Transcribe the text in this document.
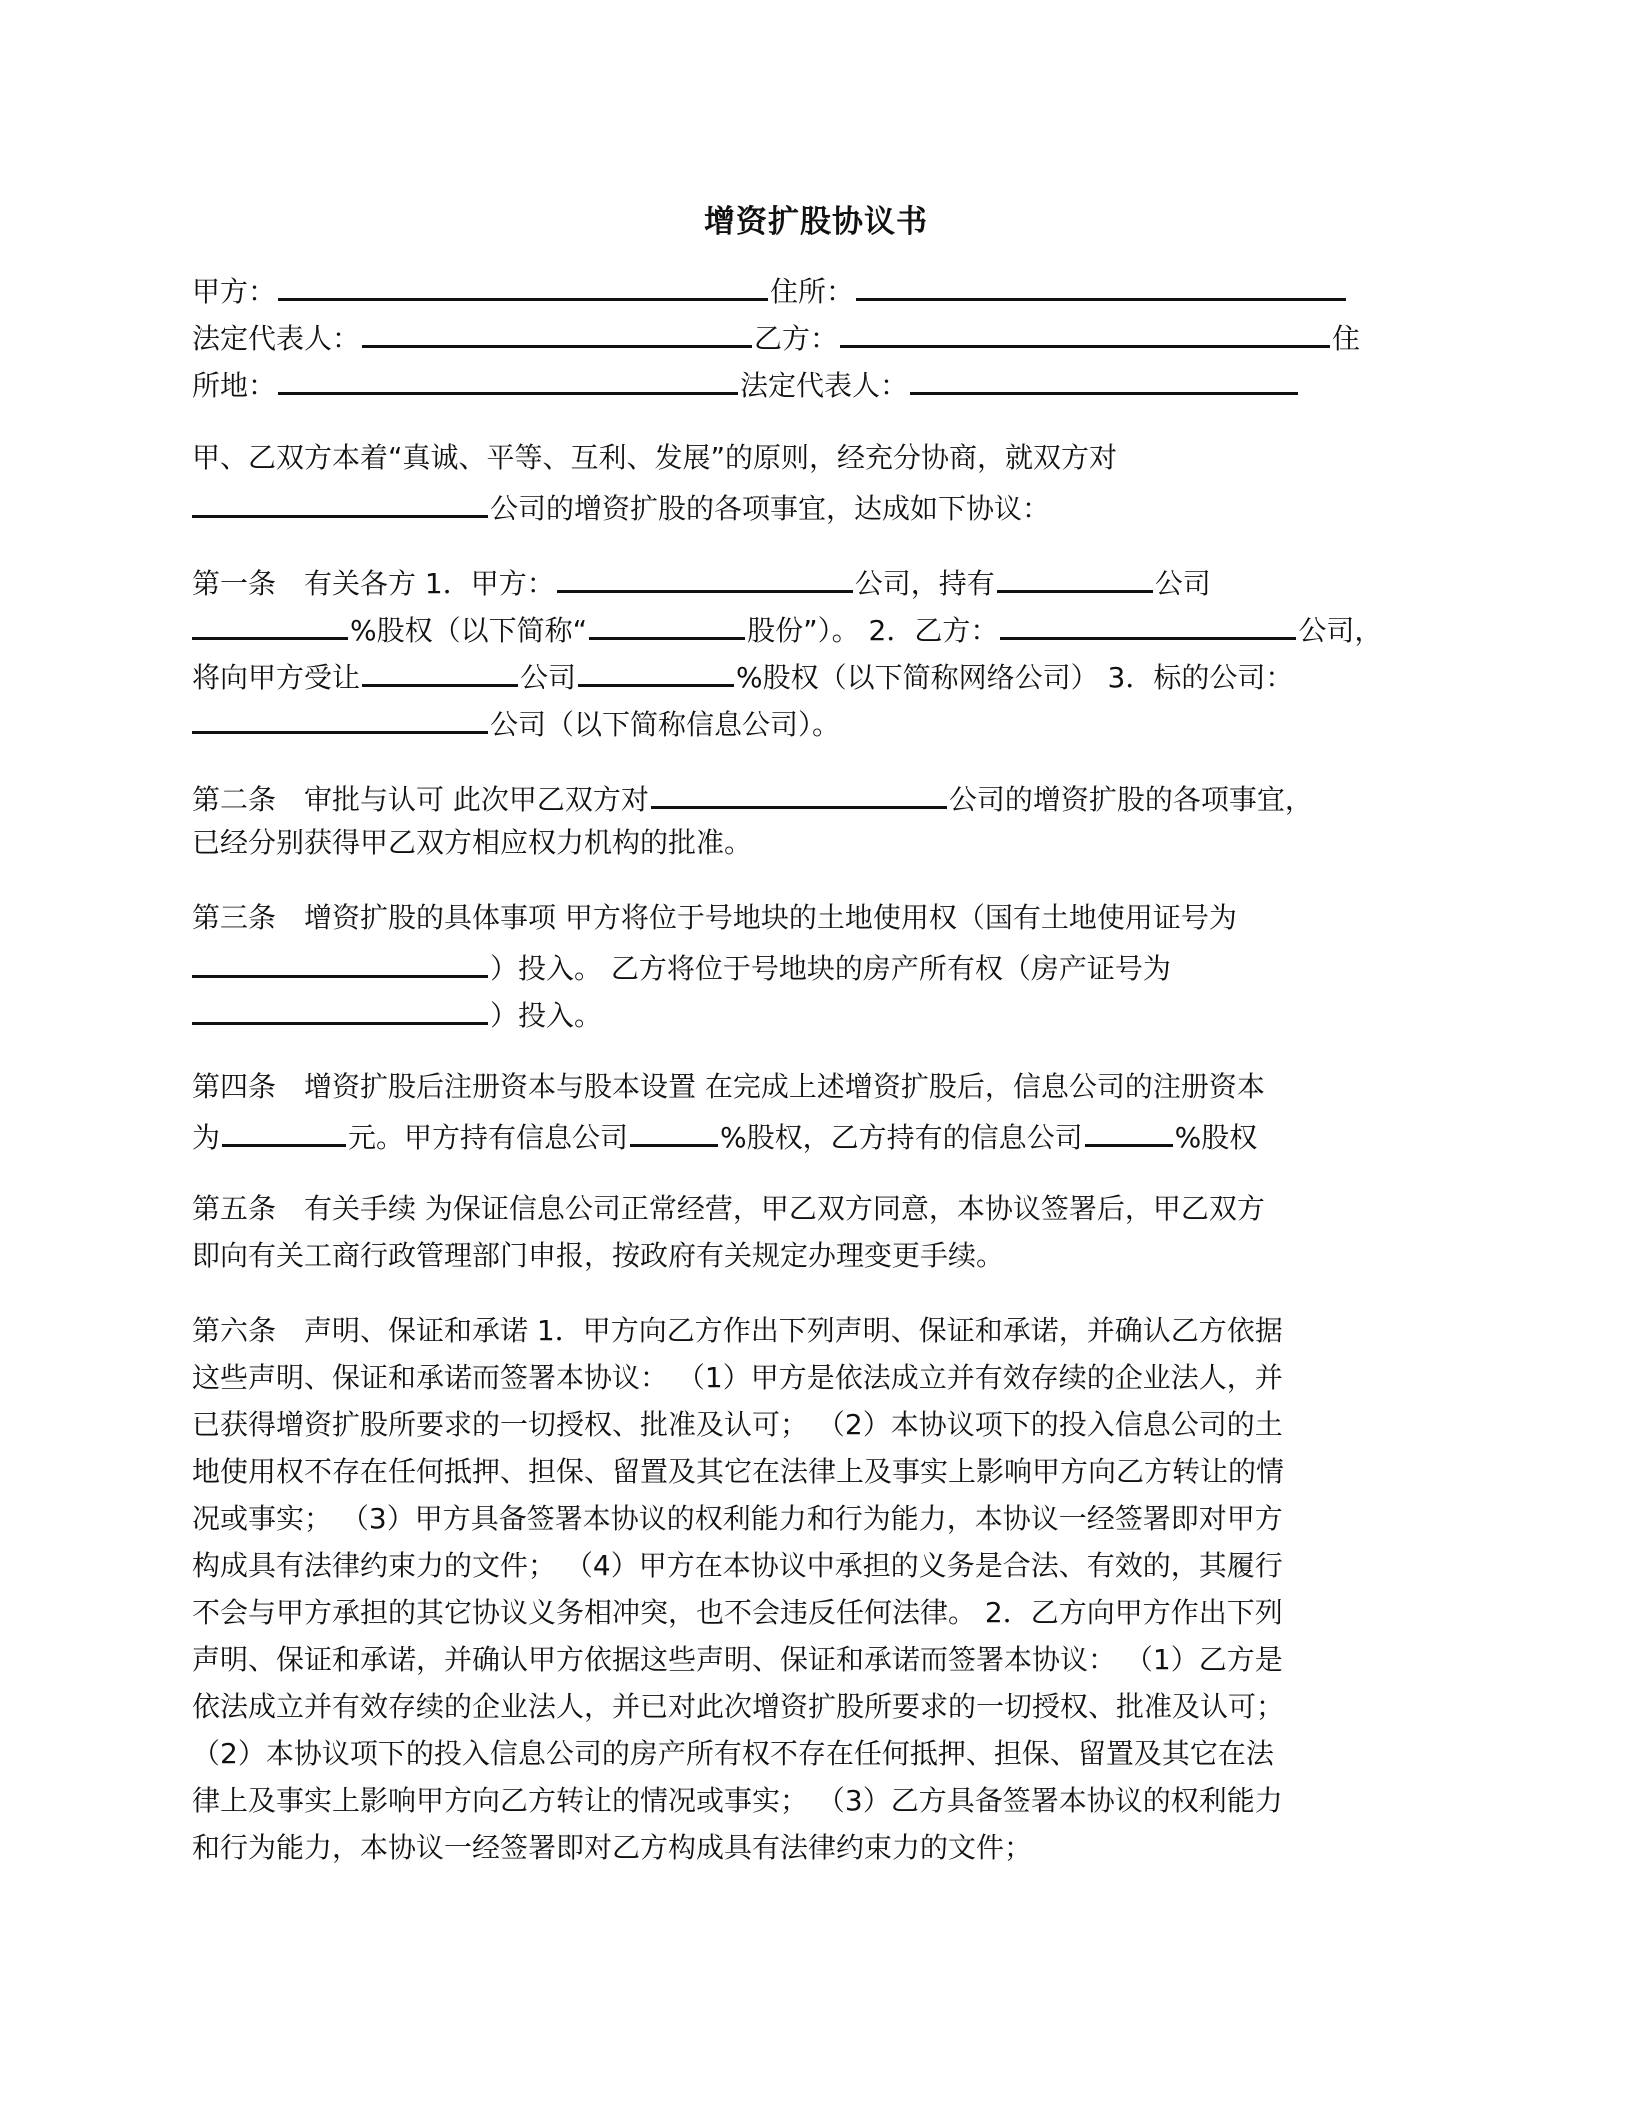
增资扩股协议书
甲方：	住所：
法定代表人：	乙方：	住
所地：	法定代表人：
甲、乙双方本着“真诚、平等、互利、发展”的原则，经充分协商，就双方对
公司的增资扩股的各项事宜，达成如下协议：
第一条 有关各方 1．甲方：	公司，持有	公司
%股权（以下简称“	股份”）。 2．乙方：	公司，
将向甲方受让	公司	%股权（以下简称网络公司） 3．标的公司：
公司（以下简称信息公司）。
第二条 审批与认可 此次甲乙双方对	公司的增资扩股的各项事宜，
已经分别获得甲乙双方相应权力机构的批准。
第三条 增资扩股的具体事项 甲方将位于号地块的土地使用权（国有土地使用证号为
）投入。 乙方将位于号地块的房产所有权（房产证号为
）投入。
第四条 增资扩股后注册资本与股本设置 在完成上述增资扩股后，信息公司的注册资本
为	元。甲方持有信息公司	%股权，乙方持有的信息公司	%股权
第五条 有关手续 为保证信息公司正常经营，甲乙双方同意，本协议签署后，甲乙双方
即向有关工商行政管理部门申报，按政府有关规定办理变更手续。
第六条 声明、保证和承诺 1．甲方向乙方作出下列声明、保证和承诺，并确认乙方依据
这些声明、保证和承诺而签署本协议： （1）甲方是依法成立并有效存续的企业法人，并
已获得增资扩股所要求的一切授权、批准及认可； （2）本协议项下的投入信息公司的土
地使用权不存在任何抵押、担保、留置及其它在法律上及事实上影响甲方向乙方转让的情
况或事实； （3）甲方具备签署本协议的权利能力和行为能力，本协议一经签署即对甲方
构成具有法律约束力的文件； （4）甲方在本协议中承担的义务是合法、有效的，其履行
不会与甲方承担的其它协议义务相冲突，也不会违反任何法律。 2．乙方向甲方作出下列
声明、保证和承诺，并确认甲方依据这些声明、保证和承诺而签署本协议： （1）乙方是
依法成立并有效存续的企业法人，并已对此次增资扩股所要求的一切授权、批准及认可；
（2）本协议项下的投入信息公司的房产所有权不存在任何抵押、担保、留置及其它在法
律上及事实上影响甲方向乙方转让的情况或事实； （3）乙方具备签署本协议的权利能力
和行为能力，本协议一经签署即对乙方构成具有法律约束力的文件；
